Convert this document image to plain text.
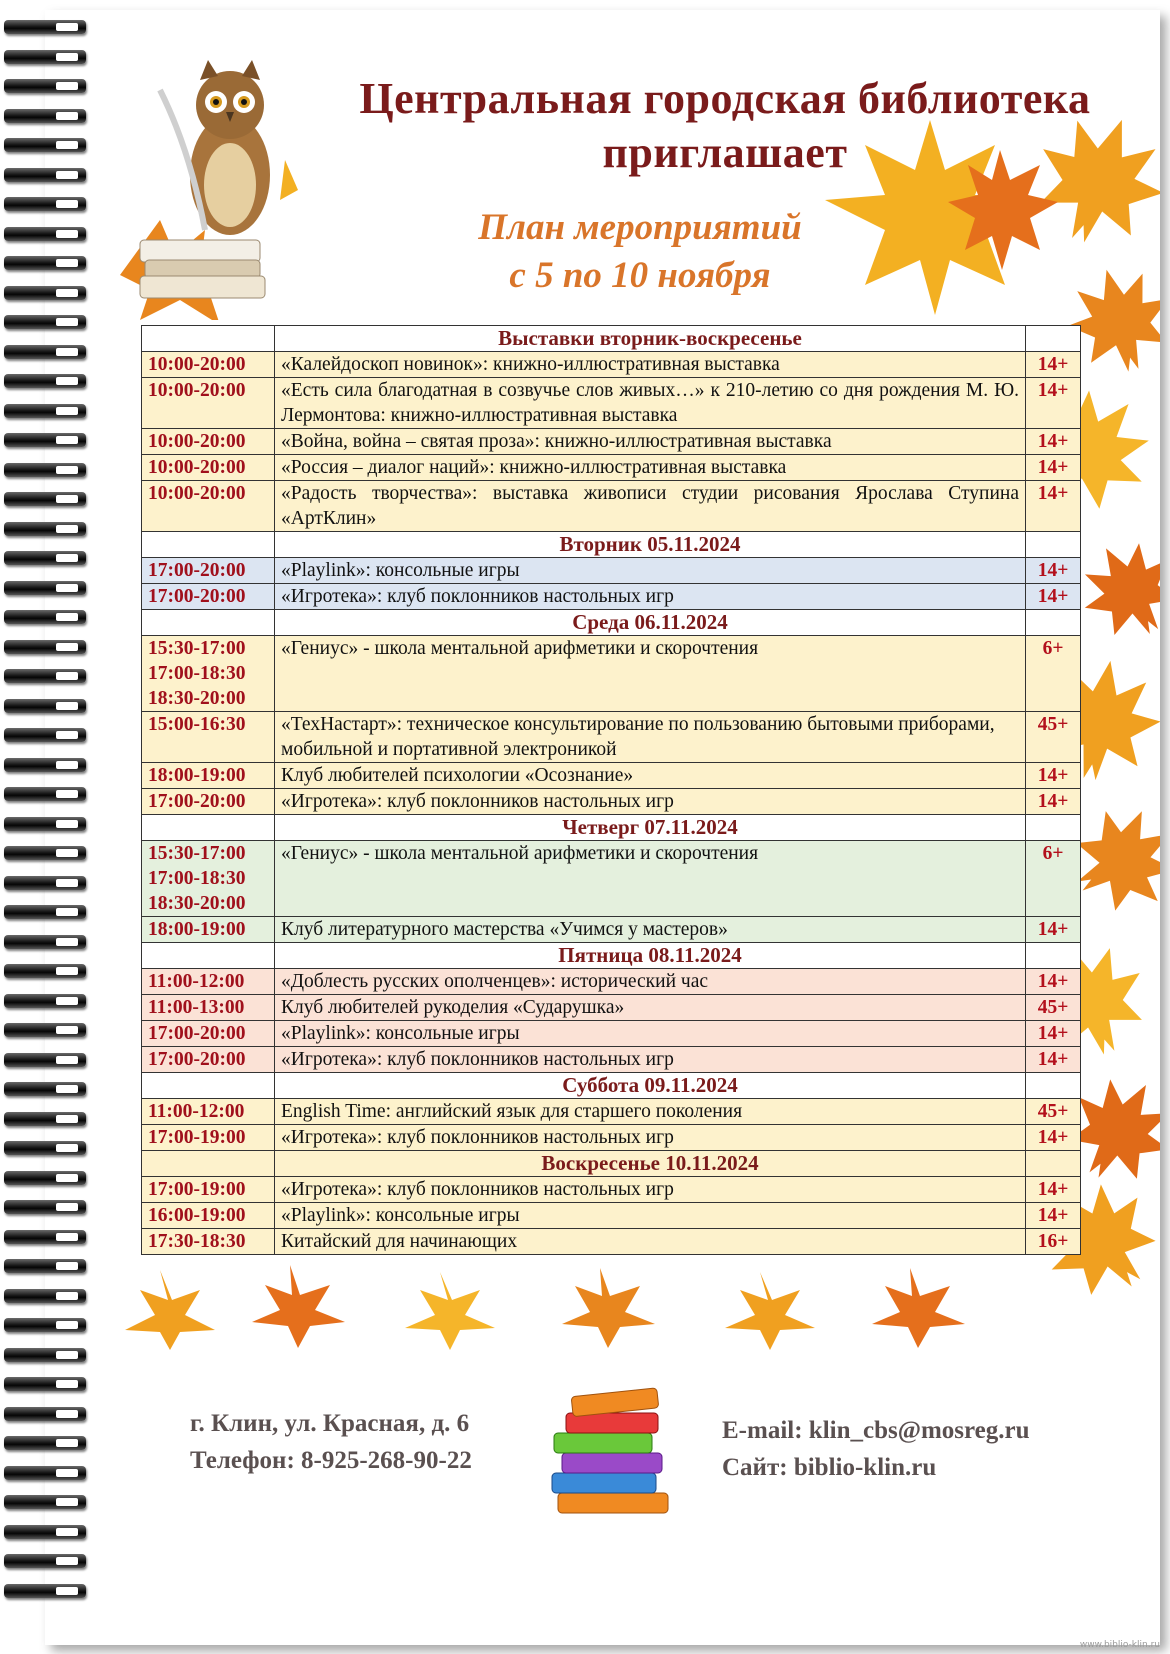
Центральная городская библиотека
приглашает
План мероприятий
с 5 по 10 ноября
	Выставки вторник-воскресенье	
10:00-20:00	«Калейдоскоп новинок»: книжно-иллюстративная выставка	14+
10:00-20:00	«Есть сила благодатная в созвучье слов живых…» к 210-летию со дня рождения М. Ю. Лермонтова: книжно-иллюстративная выставка	14+
10:00-20:00	«Война, война – святая проза»: книжно-иллюстративная выставка	14+
10:00-20:00	«Россия – диалог наций»: книжно-иллюстративная выставка	14+
10:00-20:00	«Радость творчества»: выставка живописи студии рисования Ярослава Ступина «АртКлин»	14+
	Вторник 05.11.2024	
17:00-20:00	«Playlink»: консольные игры	14+
17:00-20:00	«Игротека»: клуб поклонников настольных игр	14+
	Среда 06.11.2024	

15:30-17:00
17:00-18:30
18:30-20:00	«Гениус» - школа ментальной арифметики и скорочтения	6+
15:00-16:30	«ТехНастарт»: техническое консультирование по пользованию бытовыми приборами, мобильной и портативной электроникой	45+
18:00-19:00	Клуб любителей психологии «Осознание»	14+
17:00-20:00	«Игротека»: клуб поклонников настольных игр	14+
	Четверг 07.11.2024	

15:30-17:00
17:00-18:30
18:30-20:00	«Гениус» - школа ментальной арифметики и скорочтения	6+
18:00-19:00	Клуб литературного мастерства «Учимся у мастеров»	14+
	Пятница 08.11.2024	
11:00-12:00	«Доблесть русских ополченцев»: исторический час	14+
11:00-13:00	Клуб любителей рукоделия «Сударушка»	45+
17:00-20:00	«Playlink»: консольные игры	14+
17:00-20:00	«Игротека»: клуб поклонников настольных игр	14+
	Суббота 09.11.2024	
11:00-12:00	English Time: английский язык для старшего поколения	45+
17:00-19:00	«Игротека»: клуб поклонников настольных игр	14+
	Воскресенье 10.11.2024	
17:00-19:00	«Игротека»: клуб поклонников настольных игр	14+
16:00-19:00	«Playlink»: консольные игры	14+
17:30-18:30	Китайский для начинающих	16+
г. Клин, ул. Красная, д. 6
Телефон: 8-925-268-90-22
E-mail: klin_cbs@mosreg.ru
Сайт: biblio-klin.ru
www.biblio-klin.ru
